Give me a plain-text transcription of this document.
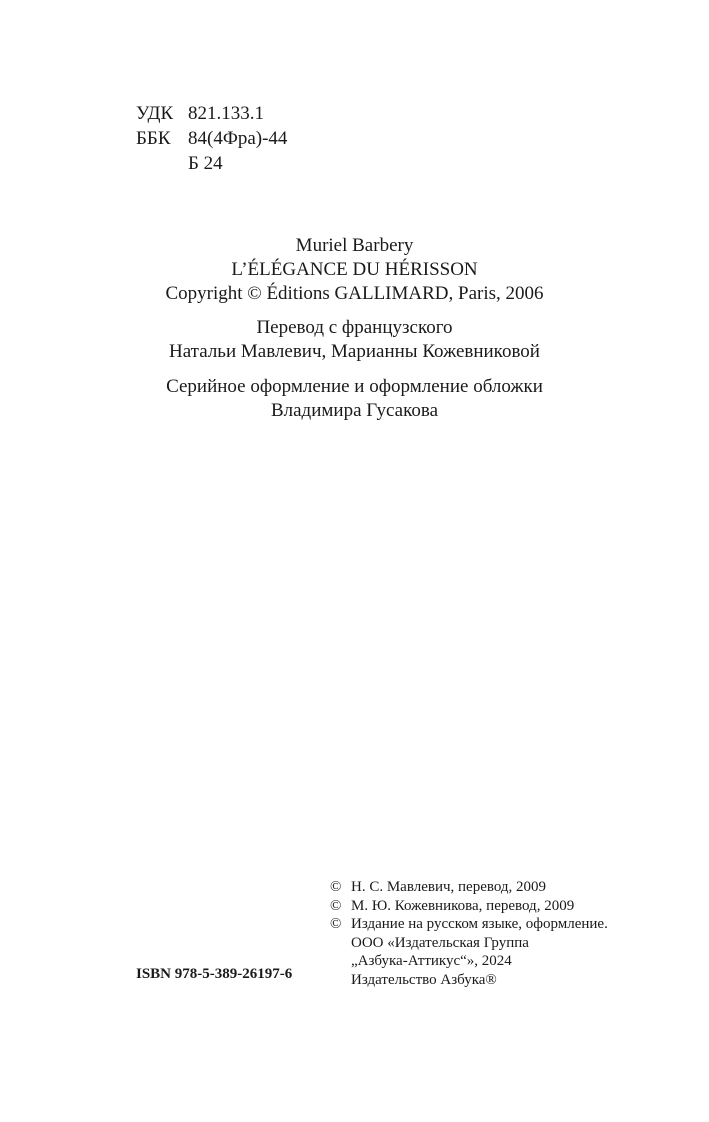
УДК 821.133.1
ББК 84(4Фра)-44
Б 24
Muriel Barbery
L’ÉLÉGANCE DU HÉRISSON
Copyright © Éditions GALLIMARD, Paris, 2006
Перевод с французского
Натальи Мавлевич, Марианны Кожевниковой
Серийное оформление и оформление обложки
Владимира Гусакова
© Н. С. Мавлевич, перевод, 2009
© М. Ю. Кожевникова, перевод, 2009
© Издание на русском языке, оформление.
ООО «Издательская Группа
„Азбука-Аттикус“», 2024
Издательство Азбука®
ISBN 978-5-389-26197-6
